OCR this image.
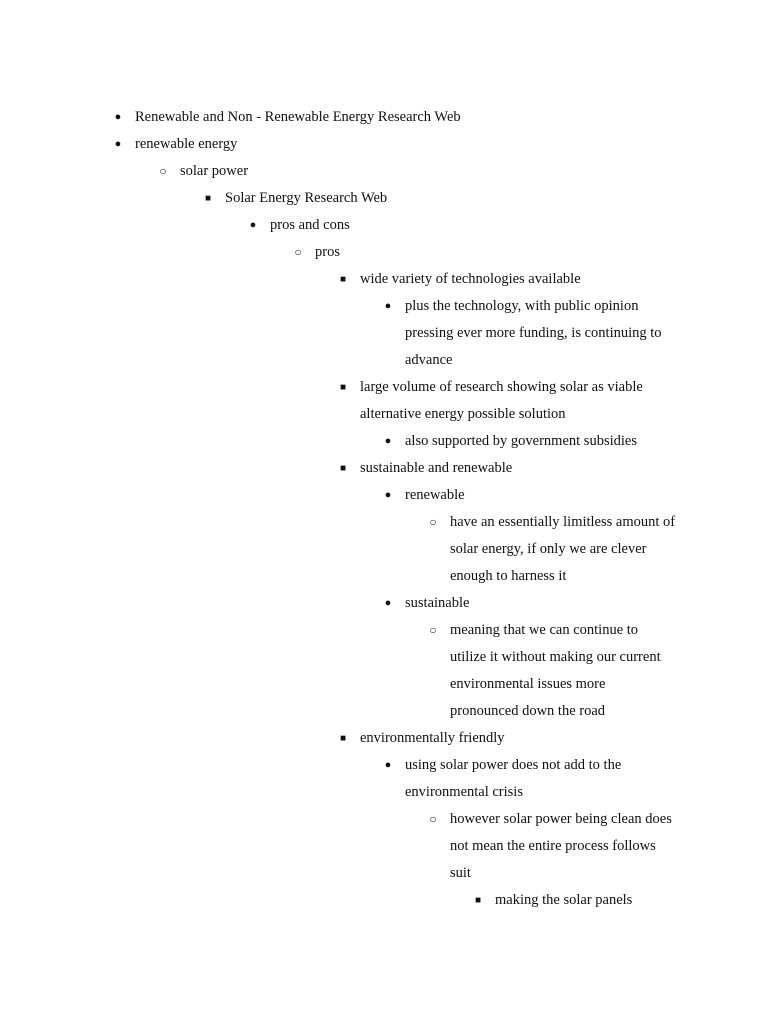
● Renewable and Non - Renewable Energy Research Web
● renewable energy
○ solar power
■ Solar Energy Research Web
● pros and cons
○ pros
■ wide variety of technologies available
● plus the technology, with public opinion pressing ever more funding, is continuing to advance
■ large volume of research showing solar as viable alternative energy possible solution
● also supported by government subsidies
■ sustainable and renewable
● renewable
○ have an essentially limitless amount of solar energy, if only we are clever enough to harness it
● sustainable
○ meaning that we can continue to utilize it without making our current environmental issues more pronounced down the road
■ environmentally friendly
● using solar power does not add to the environmental crisis
○ however solar power being clean does not mean the entire process follows suit
■ making the solar panels
